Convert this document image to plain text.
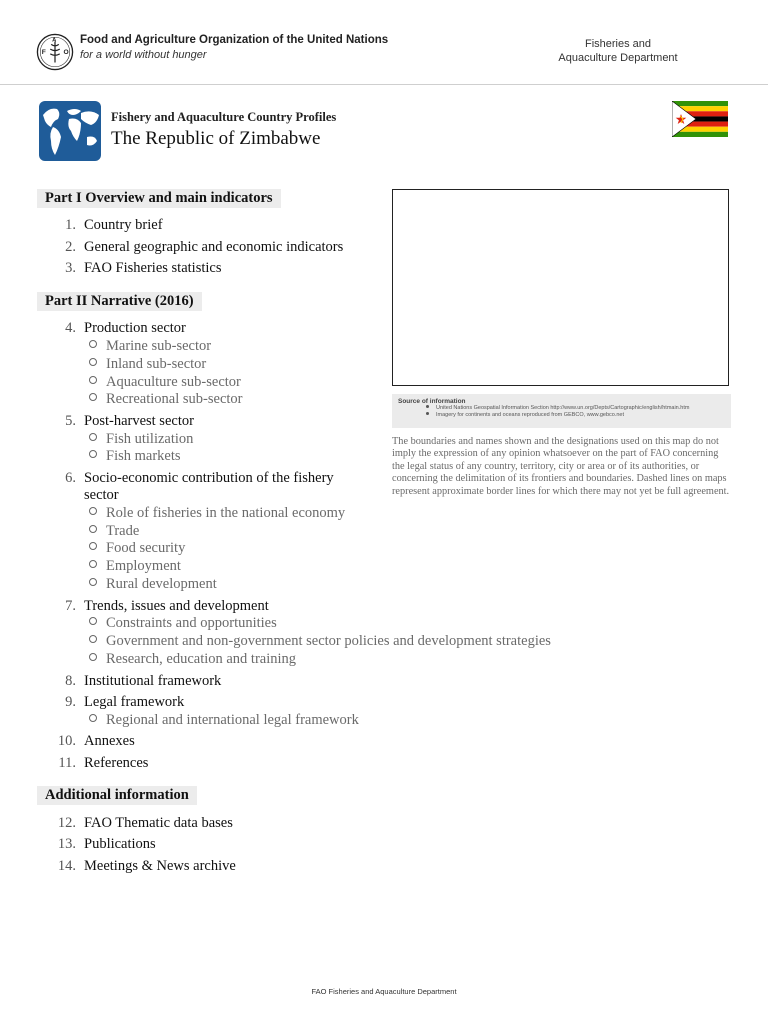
F
A
O
Food and Agriculture Organization of the United Nations
for a world without hunger
Fisheries and
Aquaculture Department
Fishery and Aquaculture Country Profiles
The Republic of Zimbabwe
Part I Overview and main indicators
1. Country brief
2. General geographic and economic indicators
3. FAO Fisheries statistics
Part II Narrative (2016)
4. Production sector
Marine sub-sector
Inland sub-sector
Aquaculture sub-sector
Recreational sub-sector
5. Post-harvest sector
Fish utilization
Fish markets
6. Socio-economic contribution of the fishery
sector
Role of fisheries in the national economy
Trade
Food security
Employment
Rural development
7. Trends, issues and development
Constraints and opportunities
Government and non-government sector policies and development strategies
Research, education and training
8. Institutional framework
9. Legal framework
Regional and international legal framework
10. Annexes
11. References
Additional information
12. FAO Thematic data bases
13. Publications
14. Meetings & News archive
Source of information
United Nations Geospatial Information Section http://www.un.org/Depts/Cartographic/english/htmain.htm
Imagery for continents and oceans reproduced from GEBCO, www.gebco.net
The boundaries and names shown and the designations used on this map do not imply the expression of any opinion whatsoever on the part of FAO concerning the legal status of any country, territory, city or area or of its authorities, or concerning the delimitation of its frontiers and boundaries. Dashed lines on maps represent approximate border lines for which there may not yet be full agreement.
FAO Fisheries and Aquaculture Department
